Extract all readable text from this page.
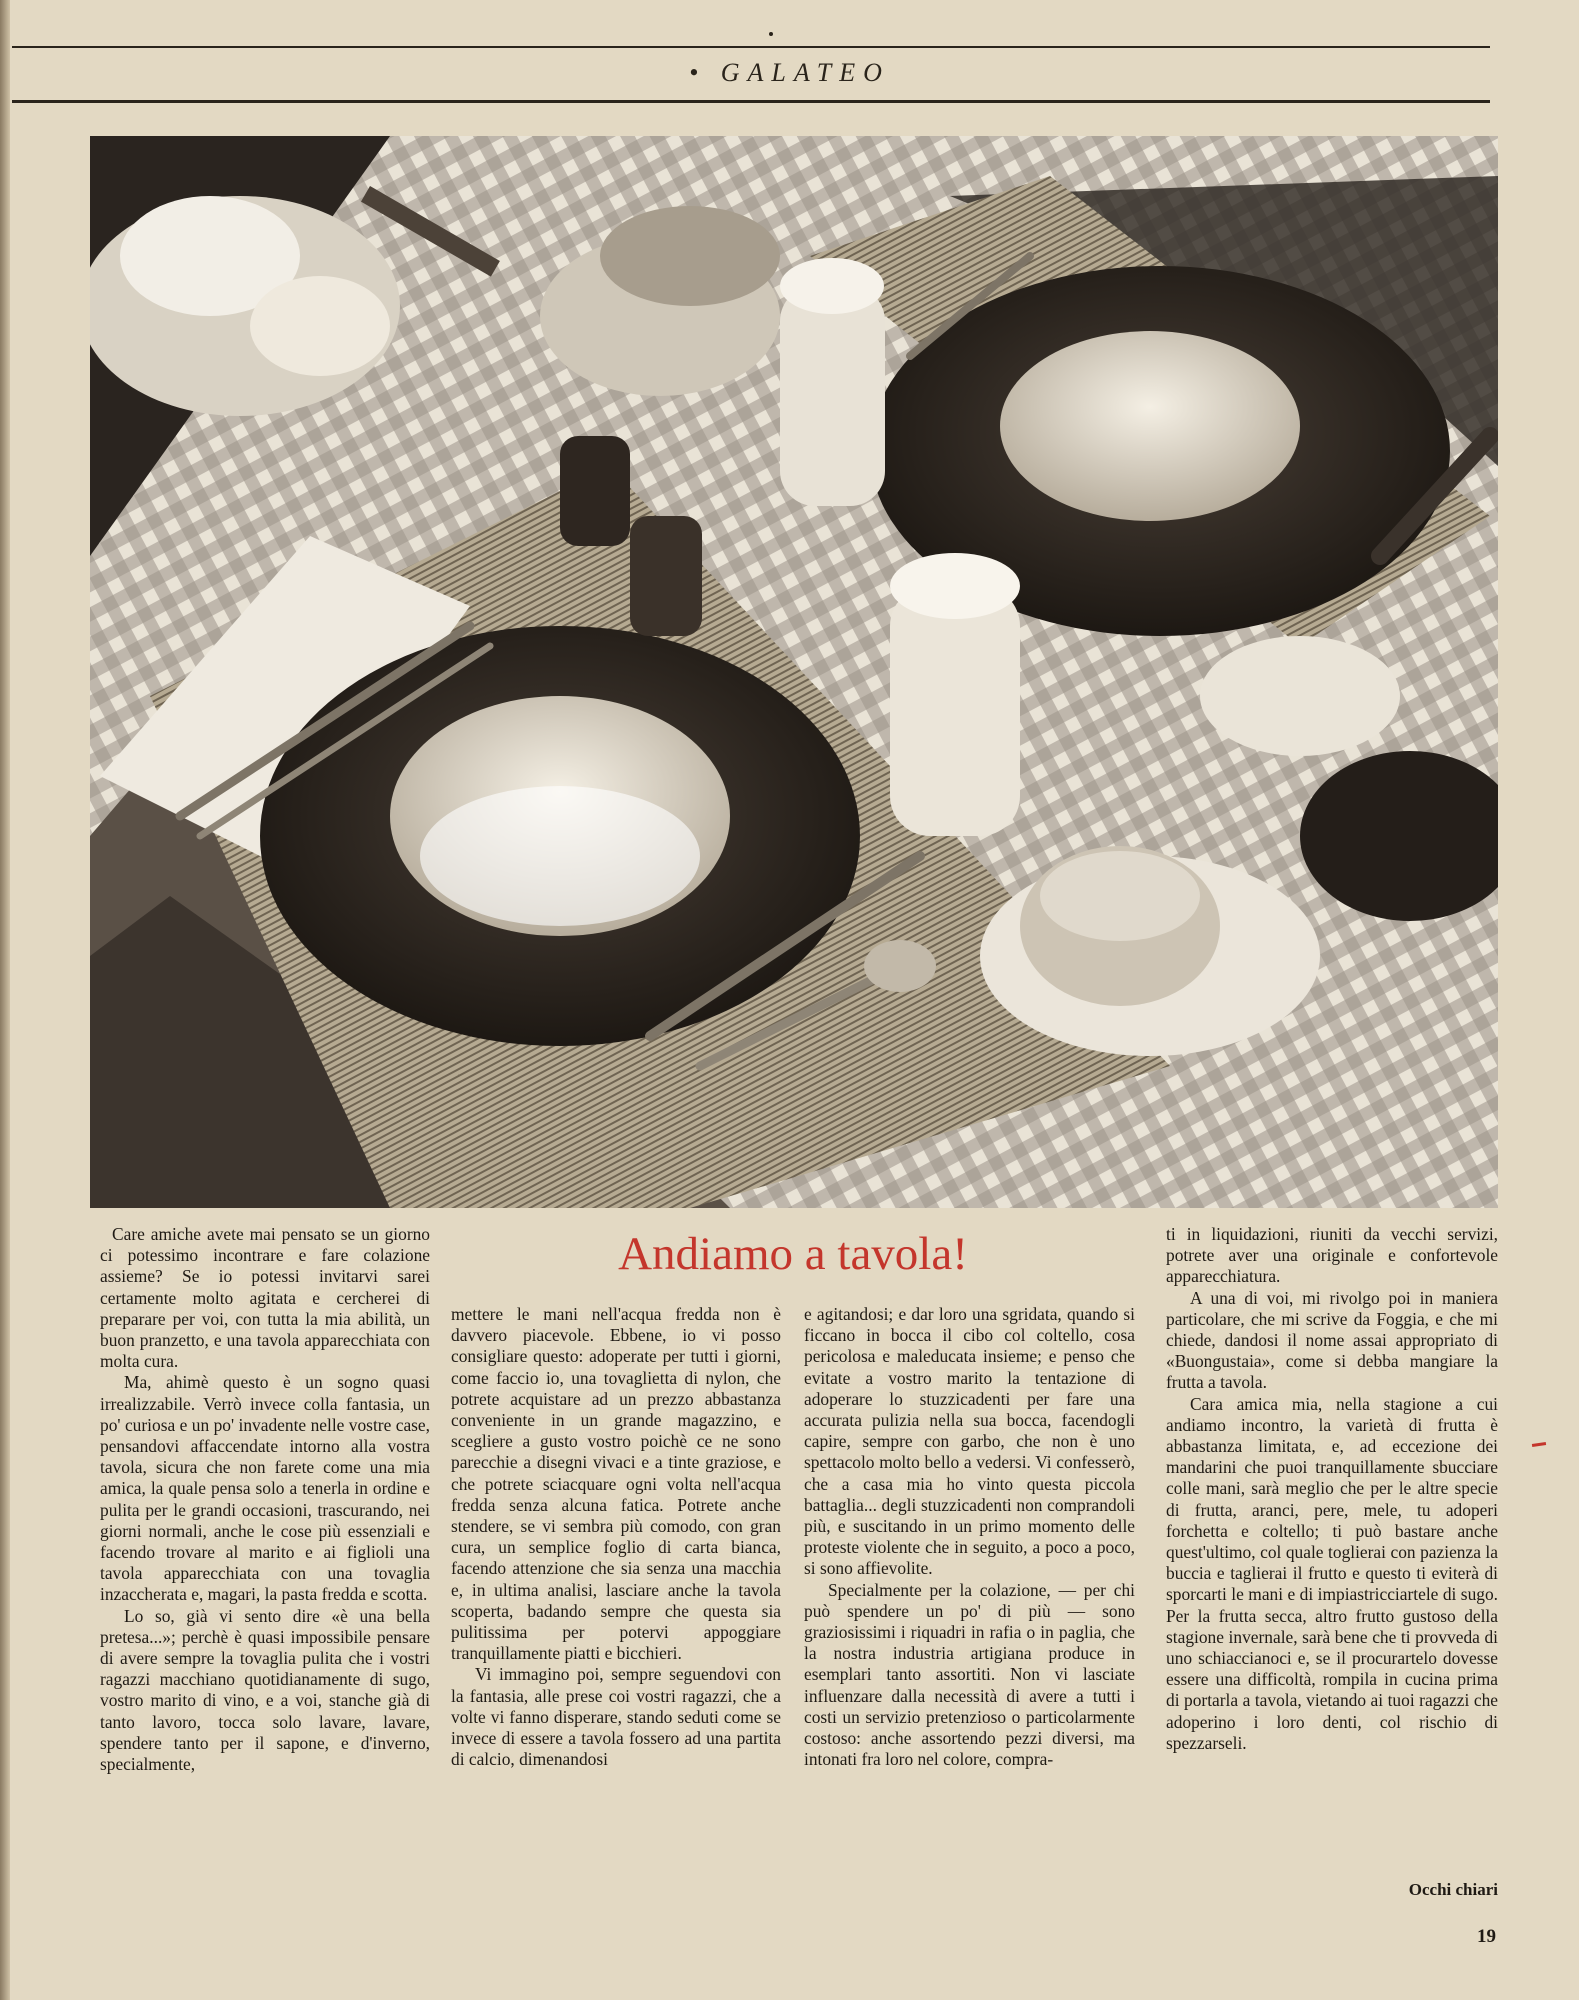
• GALATEO

Care amiche avete mai pensato se un giorno ci potessimo incontrare e fare colazione assieme? Se io potessi invitarvi sarei certamente molto agitata e cercherei di preparare per voi, con tutta la mia abilità, un buon pranzetto, e una tavola apparecchiata con molta cura.

Ma, ahimè questo è un sogno quasi irrealizzabile. Verrò invece colla fantasia, un po' curiosa e un po' invadente nelle vostre case, pensandovi affaccendate intorno alla vostra tavola, sicura che non farete come una mia amica, la quale pensa solo a tenerla in ordine e pulita per le grandi occasioni, trascurando, nei giorni normali, anche le cose più essenziali e facendo trovare al marito e ai figlioli una tavola apparecchiata con una tovaglia inzaccherata e, magari, la pasta fredda e scotta.

Lo so, già vi sento dire «è una bella pretesa...»; perchè è quasi impossibile pensare di avere sempre la tovaglia pulita che i vostri ragazzi macchiano quotidianamente di sugo, vostro marito di vino, e a voi, stanche già di tanto lavoro, tocca solo lavare, lavare, spendere tanto per il sapone, e d'inverno, specialmente,

Andiamo a tavola!

mettere le mani nell'acqua fredda non è davvero piacevole. Ebbene, io vi posso consigliare questo: adoperate per tutti i giorni, come faccio io, una tovaglietta di nylon, che potrete acquistare ad un prezzo abbastanza conveniente in un grande magazzino, e scegliere a gusto vostro poichè ce ne sono parecchie a disegni vivaci e a tinte graziose, e che potrete sciacquare ogni volta nell'acqua fredda senza alcuna fatica. Potrete anche stendere, se vi sembra più comodo, con gran cura, un semplice foglio di carta bianca, facendo attenzione che sia senza una macchia e, in ultima analisi, lasciare anche la tavola scoperta, badando sempre che questa sia pulitissima per potervi appoggiare tranquillamente piatti e bicchieri.

Vi immagino poi, sempre seguendovi con la fantasia, alle prese coi vostri ragazzi, che a volte vi fanno disperare, stando seduti come se invece di essere a tavola fossero ad una partita di calcio, dimenandosi

e agitandosi; e dar loro una sgridata, quando si ficcano in bocca il cibo col coltello, cosa pericolosa e maleducata insieme; e penso che evitate a vostro marito la tentazione di adoperare lo stuzzicadenti per fare una accurata pulizia nella sua bocca, facendogli capire, sempre con garbo, che non è uno spettacolo molto bello a vedersi. Vi confesserò, che a casa mia ho vinto questa piccola battaglia... degli stuzzicadenti non comprandoli più, e suscitando in un primo momento delle proteste violente che in seguito, a poco a poco, si sono affievolite.

Specialmente per la colazione, — per chi può spendere un po' di più — sono graziosissimi i riquadri in rafia o in paglia, che la nostra industria artigiana produce in esemplari tanto assortiti. Non vi lasciate influenzare dalla necessità di avere a tutti i costi un servizio pretenzioso o particolarmente costoso: anche assortendo pezzi diversi, ma intonati fra loro nel colore, compra-

ti in liquidazioni, riuniti da vecchi servizi, potrete aver una originale e confortevole apparecchiatura.

A una di voi, mi rivolgo poi in maniera particolare, che mi scrive da Foggia, e che mi chiede, dandosi il nome assai appropriato di «Buongustaia», come si debba mangiare la frutta a tavola.

Cara amica mia, nella stagione a cui andiamo incontro, la varietà di frutta è abbastanza limitata, e, ad eccezione dei mandarini che puoi tranquillamente sbucciare colle mani, sarà meglio che per le altre specie di frutta, aranci, pere, mele, tu adoperi forchetta e coltello; ti può bastare anche quest'ultimo, col quale toglierai con pazienza la buccia e taglierai il frutto e questo ti eviterà di sporcarti le mani e di impiastricciartele di sugo. Per la frutta secca, altro frutto gustoso della stagione invernale, sarà bene che ti provveda di uno schiaccianoci e, se il procurartelo dovesse essere una difficoltà, rompila in cucina prima di portarla a tavola, vietando ai tuoi ragazzi che adoperino i loro denti, col rischio di spezzarseli.

Occhi chiari
19
